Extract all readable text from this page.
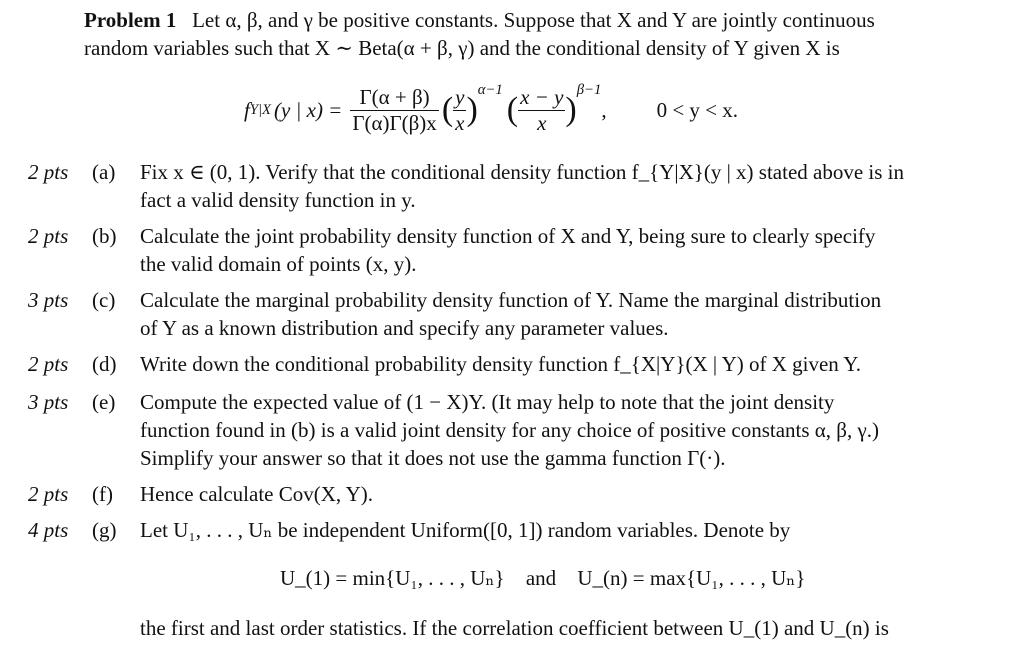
Problem 1 Let α, β, and γ be positive constants. Suppose that X and Y are jointly continuous
random variables such that X ∼ Beta(α + β, γ) and the conditional density of Y given X is
f Y|X (y | $x) = \frac{\Gamma(\alpha + \beta)}{\Gamma(\alpha)\Gamma(\beta)x}$ ( $\frac{y}{x}$ )
α−1
( $\frac{x - y}{x}$ )
β−1
, 0 < y < x.
2 pts (a) Fix x ∈ (0, 1). Verify that the conditional density function f_{Y|X}(y | x) stated above is in
fact a valid density function in y.
2 pts (b) Calculate the joint probability density function of X and Y, being sure to clearly specify
the valid domain of points (x, y).
3 pts (c) Calculate the marginal probability density function of Y. Name the marginal distribution
of Y as a known distribution and specify any parameter values.
2 pts (d) Write down the conditional probability density function f_{X|Y}(X | Y) of X given Y.
3 pts (e) Compute the expected value of (1 − X)Y. (It may help to note that the joint density
function found in (b) is a valid joint density for any choice of positive constants α, β, γ.)
Simplify your answer so that it does not use the gamma function Γ(·).
2 pts (f) Hence calculate Cov(X, Y).
4 pts (g) Let U₁, . . . , Uₙ be independent Uniform([0, 1]) random variables. Denote by
U_(1) = min{U₁, . . . , Uₙ} and U_(n) = max{U₁, . . . , Uₙ}
the first and last order statistics. If the correlation coefficient between U_(1) and U_(n) is
